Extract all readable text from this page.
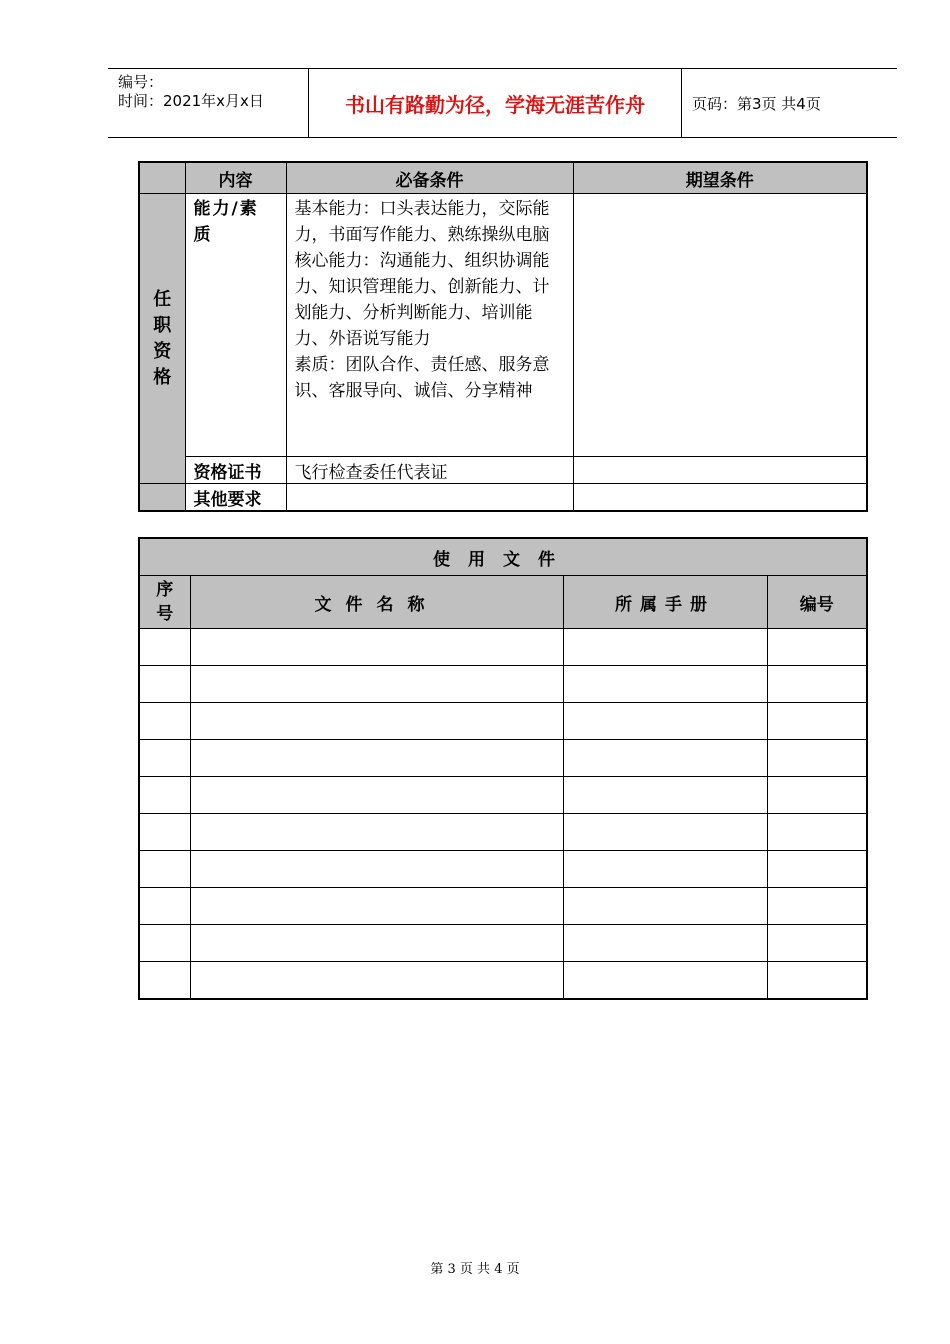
编号：
时间：2021年x月x日	书山有路勤为径，学海无涯苦作舟	页码：第3页 共4页
	内容	必备条件	期望条件

任职资格	能力/素质	基本能力：口头表达能力，交际能力，书面写作能力、熟练操纵电脑

核心能力：沟通能力、组织协调能力、知识管理能力、创新能力、计划能力、分析判断能力、培训能力、外语说写能力

素质：团队合作、责任感、服务意识、客服导向、诚信、分享精神	

	资格证书	飞行检查委任代表证	
	其他要求		
使用文件			

序号	文件名称	所属手册	编号

第 3 页 共 4 页
